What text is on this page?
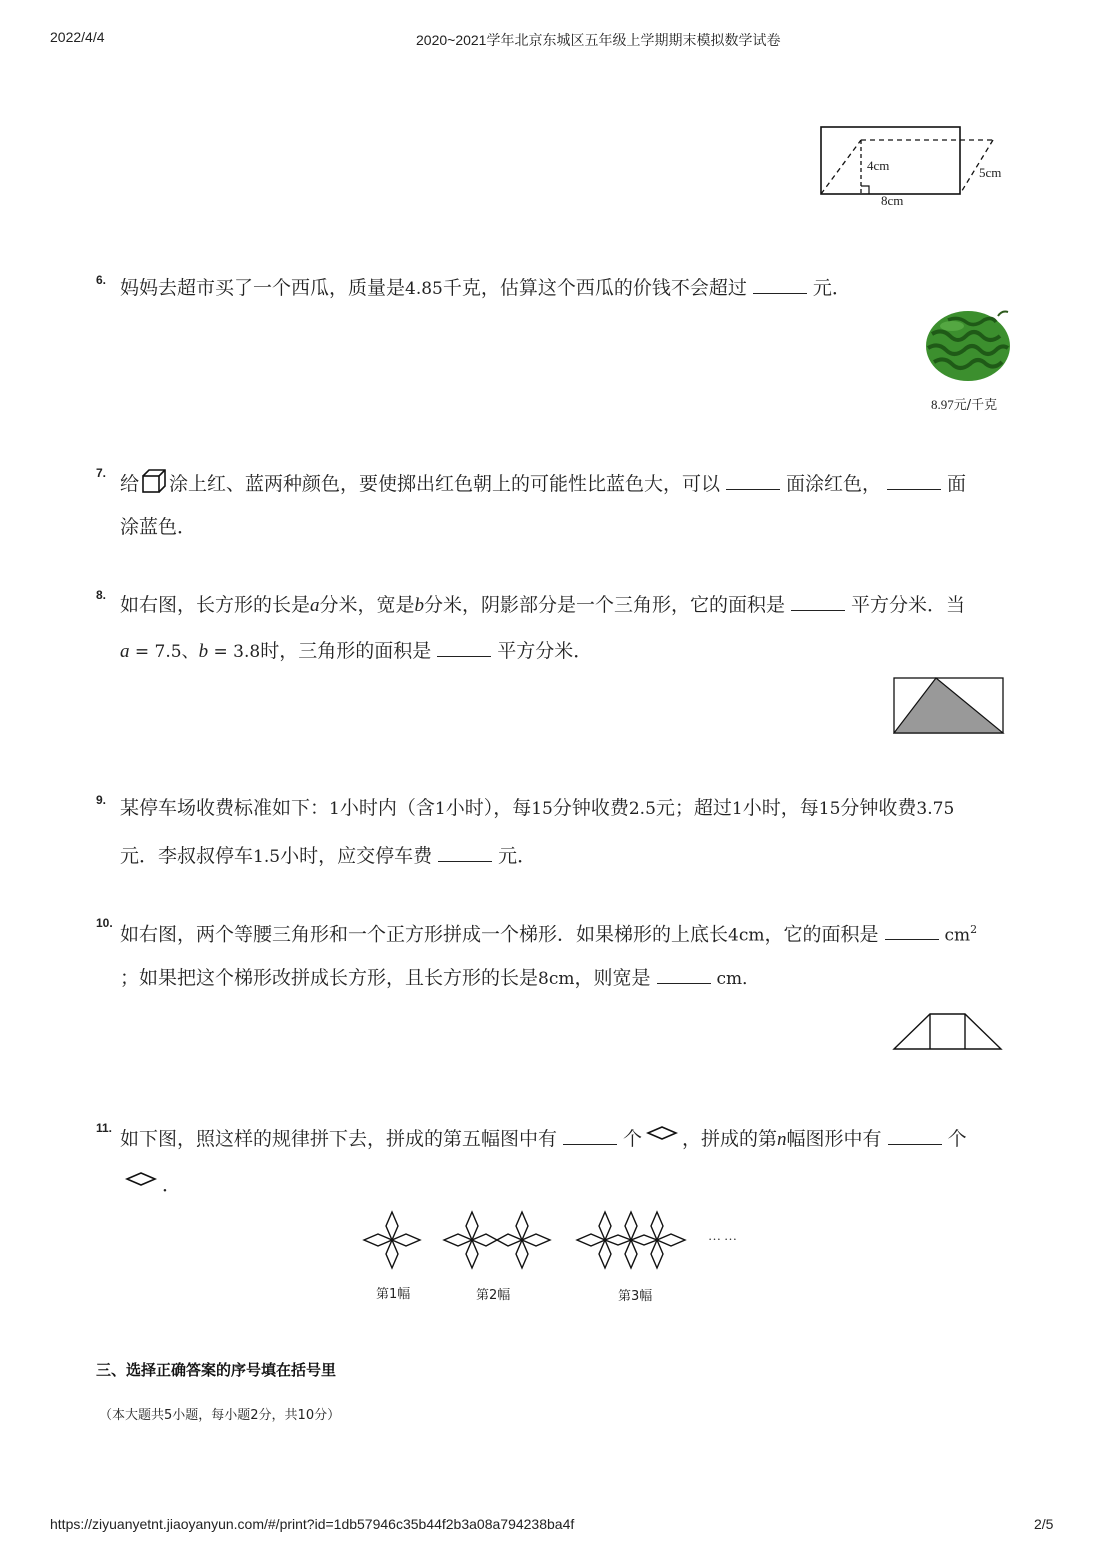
2022/4/4	2020~2021学年北京东城区五年级上学期期末模拟数学试卷
4cm	5cm
8cm
6. 妈妈去超市买了一个西瓜，质量是4.85千克，估算这个西瓜的价钱不会超过	元．
8.97元/千克
7. 给 涂上红、蓝两种颜色，要使掷出红色朝上的可能性比蓝色大，可以	面涂红色，	面
涂蓝色．
8. 如右图，长方形的长是a分米，宽是b分米，阴影部分是一个三角形，它的面积是	平方分米．当
a = 7.5、b = 3.8时，三角形的面积是	平方分米．
9. 某停车场收费标准如下：1小时内（含1小时），每15分钟收费2.5元；超过1小时，每15分钟收费3.75
元．李叔叔停车1.5小时，应交停车费	元．
10.
如右图，两个等腰三角形和一个正方形拼成一个梯形．如果梯形的上底长4cm，它的面积是	$cm^2$
；如果把这个梯形改拼成长方形，且长方形的长是8cm，则宽是	cm．
11. 如下图，照这样的规律拼下去，拼成的第五幅图中有	个 ，拼成的第n幅图形中有	个
．
……
第1幅	第2幅	第3幅
三、选择正确答案的序号填在括号里
（本大题共5小题，每小题2分，共10分）
https://ziyuanyetnt.jiaoyanyun.com/#/print?id=1db57946c35b44f2b3a08a794238ba4f	2/5
